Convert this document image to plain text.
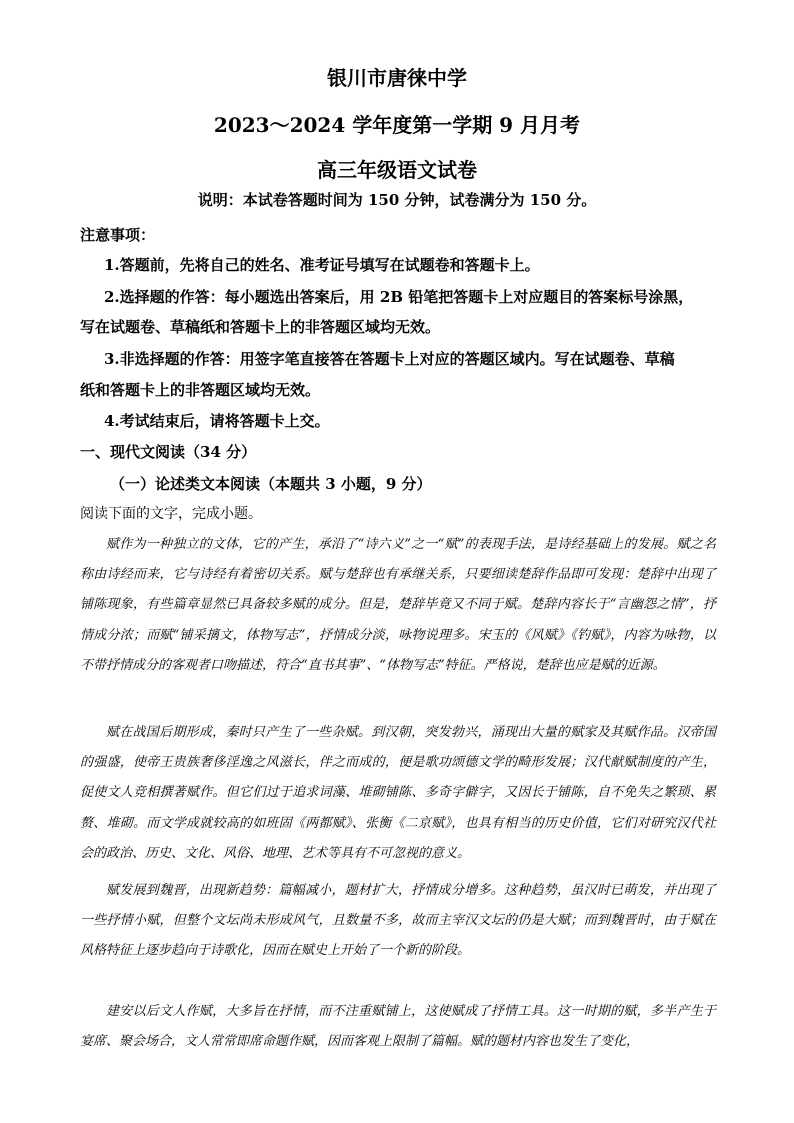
银川市唐徕中学
2023～2024 学年度第一学期 9 月月考
高三年级语文试卷
说明：本试卷答题时间为 150 分钟，试卷满分为 150 分。
注意事项：
1.答题前，先将自己的姓名、准考证号填写在试题卷和答题卡上。
2.选择题的作答：每小题选出答案后，用 2B 铅笔把答题卡上对应题目的答案标号涂黑，
写在试题卷、草稿纸和答题卡上的非答题区域均无效。
3.非选择题的作答：用签字笔直接答在答题卡上对应的答题区域内。写在试题卷、草稿
纸和答题卡上的非答题区域均无效。
4.考试结束后，请将答题卡上交。
一、现代文阅读（34 分）
（一）论述类文本阅读（本题共 3 小题，9 分）
阅读下面的文字，完成小题。

赋作为一种独立的文体，它的产生，承沿了“诗六义”之一“赋”的表现手法，是诗经基础上的发展。赋之名称由诗经而来，它与诗经有着密切关系。赋与楚辞也有承继关系，只要细读楚辞作品即可发现：楚辞中出现了铺陈现象，有些篇章显然已具备较多赋的成分。但是，楚辞毕竟又不同于赋。楚辞内容长于“言幽怨之情”，抒情成分浓；而赋“铺采摛文，体物写志”，抒情成分淡，咏物说理多。宋玉的《风赋》《钓赋》，内容为咏物，以不带抒情成分的客观者口吻描述，符合“直书其事”、“体物写志”特征。严格说，楚辞也应是赋的近源。

赋在战国后期形成，秦时只产生了一些杂赋。到汉朝，突发勃兴，涌现出大量的赋家及其赋作品。汉帝国的强盛，使帝王贵族奢侈淫逸之风滋长，伴之而成的，便是歌功颂德文学的畸形发展；汉代献赋制度的产生，促使文人竞相撰著赋作。但它们过于追求词藻、堆砌铺陈、多奇字僻字，又因长于铺陈，自不免失之繁琐、累赘、堆砌。而文学成就较高的如班固《两都赋》、张衡《二京赋》，也具有相当的历史价值，它们对研究汉代社会的政治、历史、文化、风俗、地理、艺术等具有不可忽视的意义。

赋发展到魏晋，出现新趋势：篇幅减小，题材扩大，抒情成分增多。这种趋势，虽汉时已萌发，并出现了一些抒情小赋，但整个文坛尚未形成风气，且数量不多，故而主宰汉文坛的仍是大赋；而到魏晋时，由于赋在风格特征上逐步趋向于诗歌化，因而在赋史上开始了一个新的阶段。

建安以后文人作赋，大多旨在抒情，而不注重赋铺上，这使赋成了抒情工具。这一时期的赋，多半产生于宴席、聚会场合，文人常常即席命题作赋，因而客观上限制了篇幅。赋的题材内容也发生了变化，
